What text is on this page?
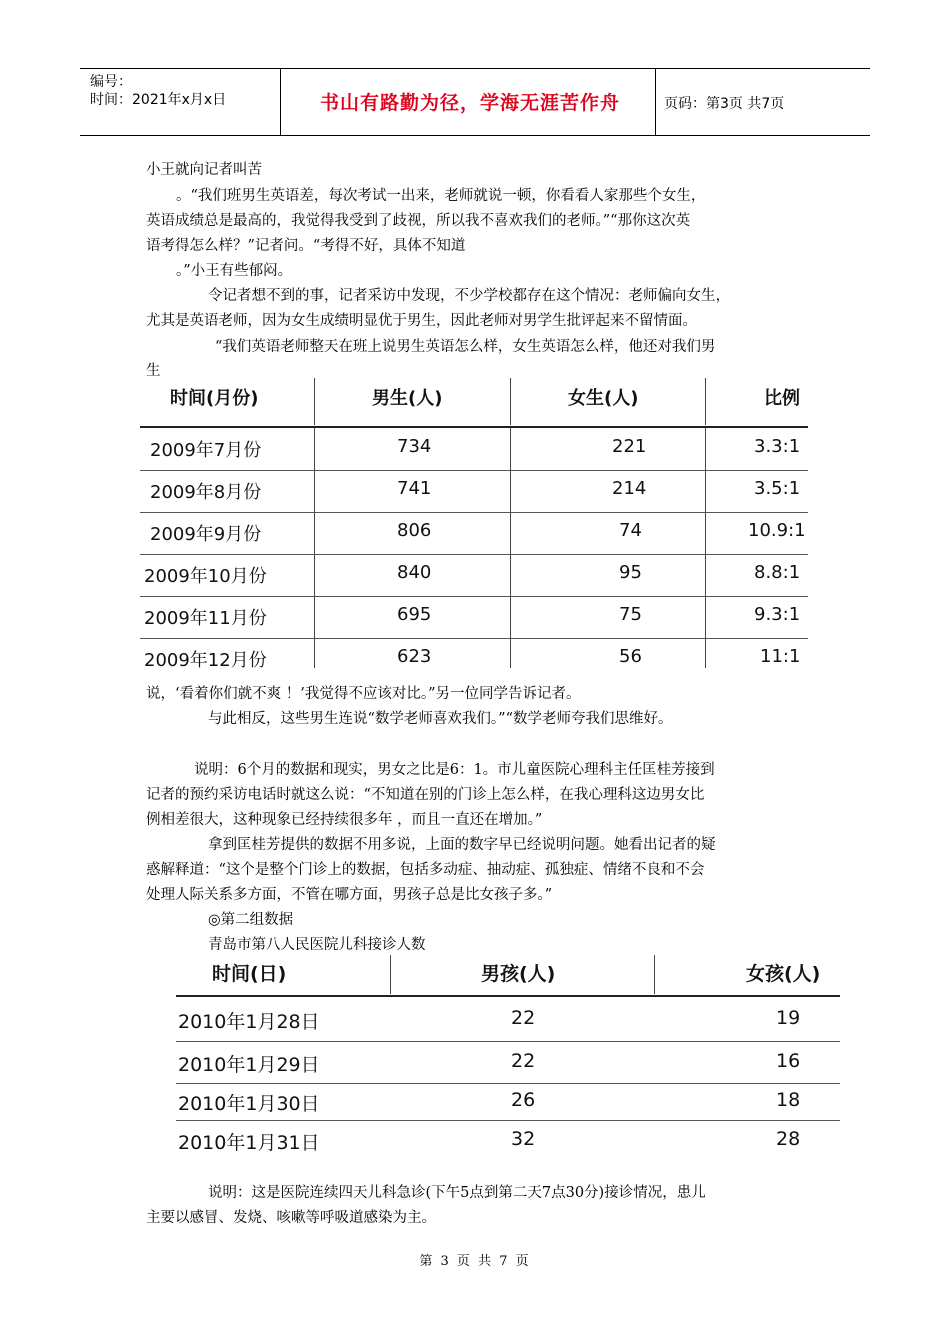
编号：
时间：2021年x月x日	书山有路勤为径，学海无涯苦作舟	页码：第3页 共7页
小王就向记者叫苦
。“我们班男生英语差，每次考试一出来，老师就说一顿，你看看人家那些个女生，
英语成绩总是最高的，我觉得我受到了歧视，所以我不喜欢我们的老师。”“那你这次英
语考得怎么样？”记者问。“考得不好，具体不知道
。”小王有些郁闷。
令记者想不到的事，记者采访中发现，不少学校都存在这个情况：老师偏向女生，
尤其是英语老师，因为女生成绩明显优于男生，因此老师对男学生批评起来不留情面。
“我们英语老师整天在班上说男生英语怎么样，女生英语怎么样，他还对我们男
生
时间(月份)	男生(人)	女生(人)	比例
2009年7月份	734	221	3.3:1
2009年8月份	741	214	3.5:1
2009年9月份	806	74	10.9:1
2009年10月份	840	95	8.8:1
2009年11月份	695	75	9.3:1
2009年12月份	623	56	11:1
说，‘看着你们就不爽 ！’我觉得不应该对比。”另一位同学告诉记者。
与此相反，这些男生连说“数学老师喜欢我们。”“数学老师夸我们思维好。
说明：6个月的数据和现实，男女之比是6：1。市儿童医院心理科主任匡桂芳接到
记者的预约采访电话时就这么说：“不知道在别的门诊上怎么样，在我心理科这边男女比
例相差很大，这种现象已经持续很多年 ，而且一直还在增加。”
拿到匡桂芳提供的数据不用多说，上面的数字早已经说明问题。她看出记者的疑
惑解释道：“这个是整个门诊上的数据，包括多动症、抽动症、孤独症、情绪不良和不会
处理人际关系多方面，不管在哪方面，男孩子总是比女孩子多。”
◎第二组数据
青岛市第八人民医院儿科接诊人数
时间(日)	男孩(人)	女孩(人)
2010年1月28日	22	19
2010年1月29日	22	16
2010年1月30日	26	18
2010年1月31日	32	28
说明：这是医院连续四天儿科急诊(下午5点到第二天7点30分)接诊情况，患儿
主要以感冒、发烧、咳嗽等呼吸道感染为主。
第 3 页 共 7 页
